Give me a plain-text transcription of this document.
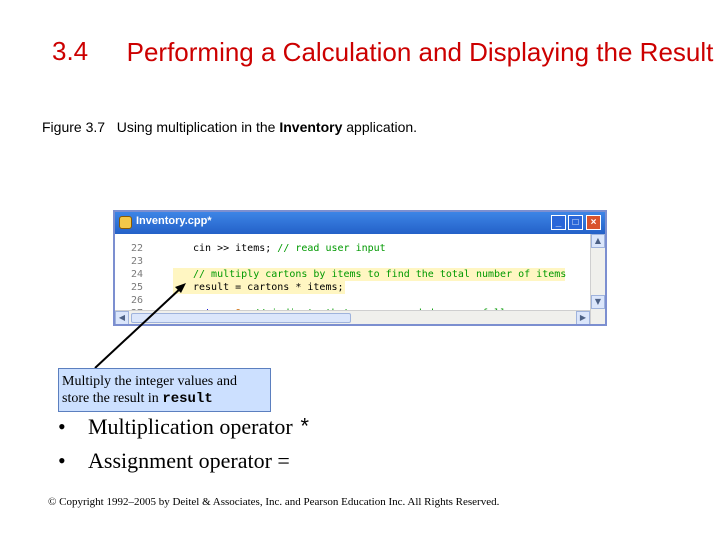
3.4 Performing a Calculation and Displaying the Result
Figure 3.7   Using multiplication in the Inventory application.
Inventory.cpp*	_	□	×
22	cin >> items; // read user input
23
24	// multiply cartons by items to find the total number of items
25	result = cartons * items;
26

▲
▼
◀	▶
Multiply the integer values and store the result in result
• Multiplication operator *
• Assignment operator =
© Copyright 1992–2005 by Deitel & Associates, Inc. and Pearson Education Inc. All Rights Reserved.
